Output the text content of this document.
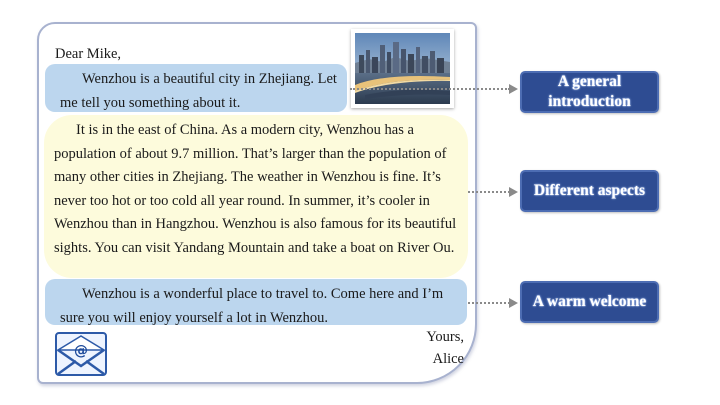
Dear Mike,
Wenzhou is a beautiful city in Zhejiang. Let me tell you something about it.
It is in the east of China. As a modern city, Wenzhou has a population of about 9.7 million. That’s larger than the population of many other cities in Zhejiang. The weather in Wenzhou is fine. It’s never too hot or too cold all year round. In summer, it’s cooler in Wenzhou than in Hangzhou. Wenzhou is also famous for its beautiful sights. You can visit Yandang Mountain and take a boat on River Ou.
Wenzhou is a wonderful place to travel to. Come here and I’m sure you will enjoy yourself a lot in Wenzhou.
Yours,
Alice
@
A general introduction
Different aspects
A warm welcome
